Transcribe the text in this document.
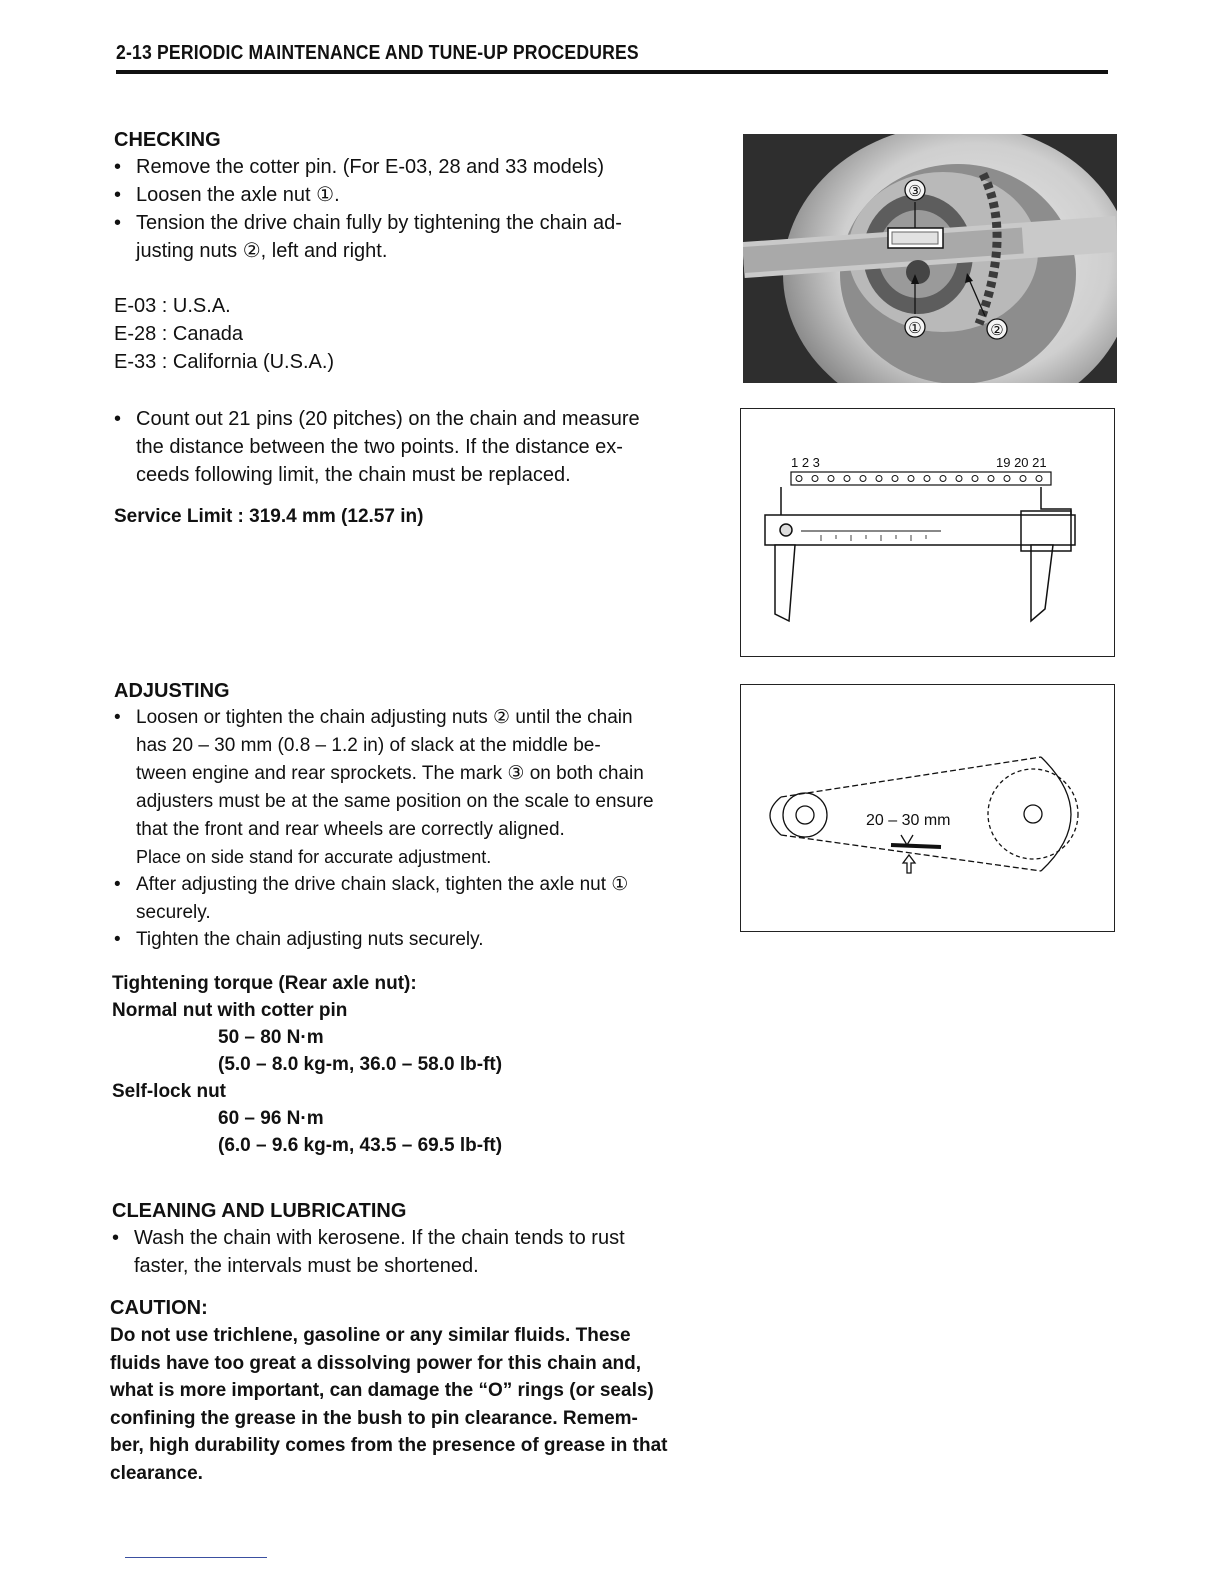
2-13 PERIODIC MAINTENANCE AND TUNE-UP PROCEDURES
CHECKING
• Remove the cotter pin. (For E-03, 28 and 33 models)
• Loosen the axle nut ①.
• Tension the drive chain fully by tightening the chain ad-
justing nuts ②, left and right.
E-03 : U.S.A.
E-28 : Canada
E-33 : California (U.S.A.)
• Count out 21 pins (20 pitches) on the chain and measure
the distance between the two points. If the distance ex-
ceeds following limit, the chain must be replaced.
Service Limit : 319.4 mm (12.57 in)
ADJUSTING
• Loosen or tighten the chain adjusting nuts ② until the chain
has 20 – 30 mm (0.8 – 1.2 in) of slack at the middle be-
tween engine and rear sprockets. The mark ③ on both chain
adjusters must be at the same position on the scale to ensure
that the front and rear wheels are correctly aligned.
Place on side stand for accurate adjustment.
• After adjusting the drive chain slack, tighten the axle nut ①
securely.
• Tighten the chain adjusting nuts securely.
Tightening torque (Rear axle nut):
Normal nut with cotter pin
50 – 80 N·m
(5.0 – 8.0 kg-m, 36.0 – 58.0 lb-ft)
Self-lock nut
60 – 96 N·m
(6.0 – 9.6 kg-m, 43.5 – 69.5 lb-ft)
CLEANING AND LUBRICATING
• Wash the chain with kerosene. If the chain tends to rust
faster, the intervals must be shortened.
CAUTION:
Do not use trichlene, gasoline or any similar fluids. These
fluids have too great a dissolving power for this chain and,
what is more important, can damage the “O” rings (or seals)
confining the grease in the bush to pin clearance. Remem-
ber, high durability comes from the presence of grease in that
clearance.
③
①	②
1 2 3	19 20 21
20 – 30 mm
